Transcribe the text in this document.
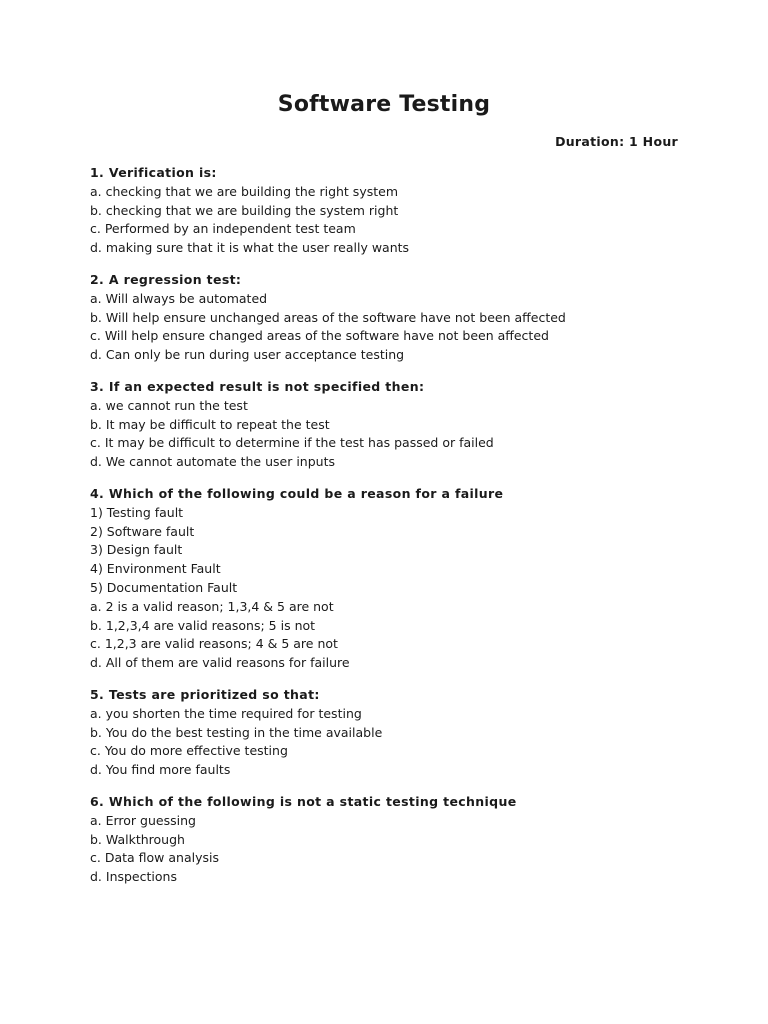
Software Testing
Duration: 1 Hour
1. Verification is:
a. checking that we are building the right system
b. checking that we are building the system right
c. Performed by an independent test team
d. making sure that it is what the user really wants
2. A regression test:
a. Will always be automated
b. Will help ensure unchanged areas of the software have not been affected
c. Will help ensure changed areas of the software have not been affected
d. Can only be run during user acceptance testing
3. If an expected result is not specified then:
a. we cannot run the test
b. It may be difficult to repeat the test
c. It may be difficult to determine if the test has passed or failed
d. We cannot automate the user inputs
4. Which of the following could be a reason for a failure
1) Testing fault
2) Software fault
3) Design fault
4) Environment Fault
5) Documentation Fault
a. 2 is a valid reason; 1,3,4 & 5 are not
b. 1,2,3,4 are valid reasons; 5 is not
c. 1,2,3 are valid reasons; 4 & 5 are not
d. All of them are valid reasons for failure
5. Tests are prioritized so that:
a. you shorten the time required for testing
b. You do the best testing in the time available
c. You do more effective testing
d. You find more faults
6. Which of the following is not a static testing technique
a. Error guessing
b. Walkthrough
c. Data flow analysis
d. Inspections
